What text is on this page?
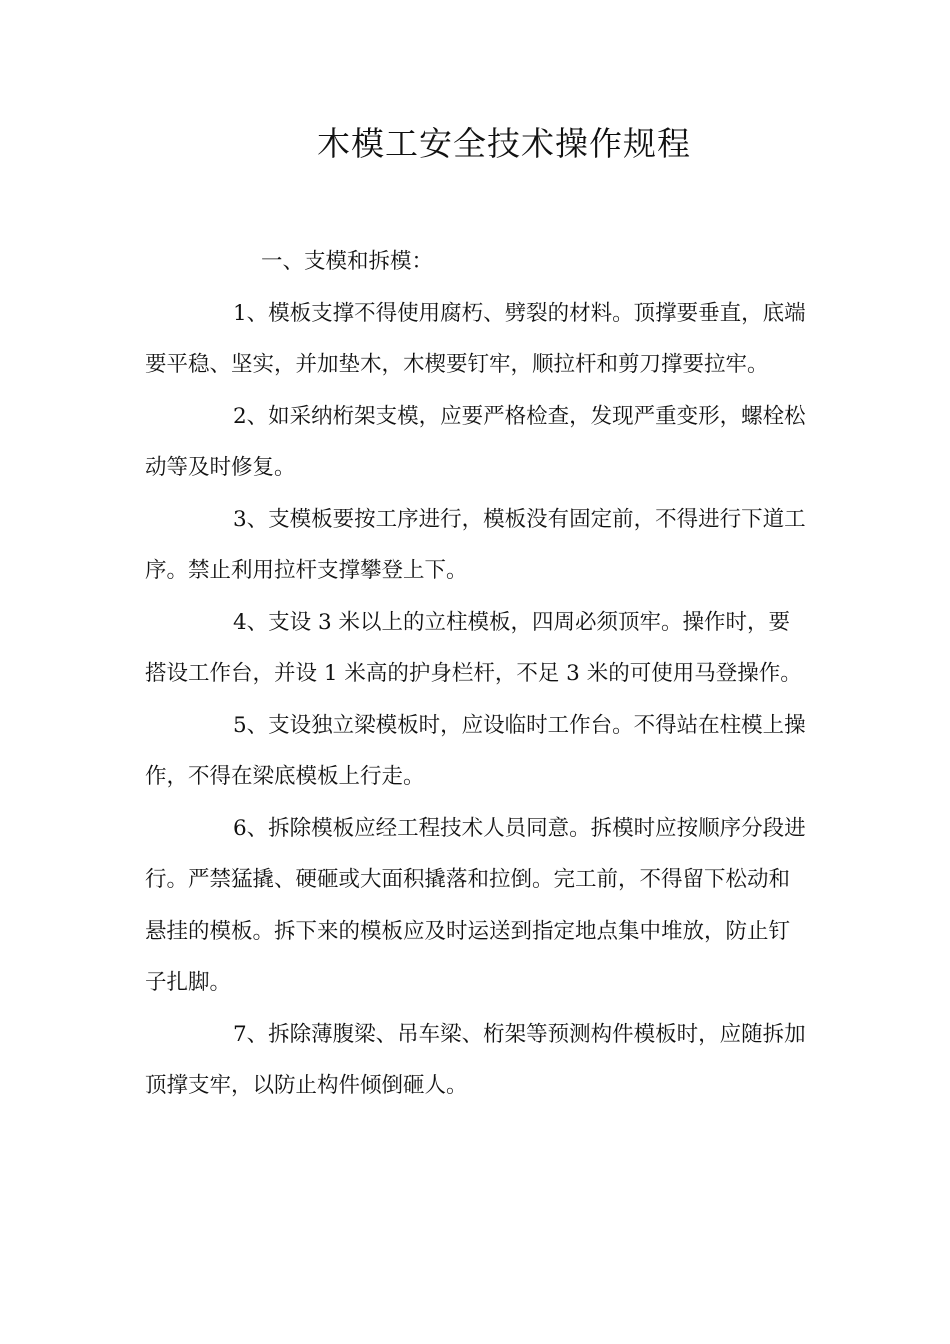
木模工安全技术操作规程

一、支模和拆模：

1、模板支撑不得使用腐朽、劈裂的材料。顶撑要垂直，底端要平稳、坚实，并加垫木，木楔要钉牢，顺拉杆和剪刀撑要拉牢。

2、如采纳桁架支模，应要严格检查，发现严重变形，螺栓松动等及时修复。

3、支模板要按工序进行，模板没有固定前，不得进行下道工序。禁止利用拉杆支撑攀登上下。

4、支设 3 米以上的立柱模板，四周必须顶牢。操作时，要搭设工作台，并设 1 米高的护身栏杆，不足 3 米的可使用马登操作。

5、支设独立梁模板时，应设临时工作台。不得站在柱模上操作，不得在梁底模板上行走。

6、拆除模板应经工程技术人员同意。拆模时应按顺序分段进行。严禁猛撬、硬砸或大面积撬落和拉倒。完工前，不得留下松动和悬挂的模板。拆下来的模板应及时运送到指定地点集中堆放，防止钉子扎脚。

7、拆除薄腹梁、吊车梁、桁架等预测构件模板时，应随拆加顶撑支牢，以防止构件倾倒砸人。
